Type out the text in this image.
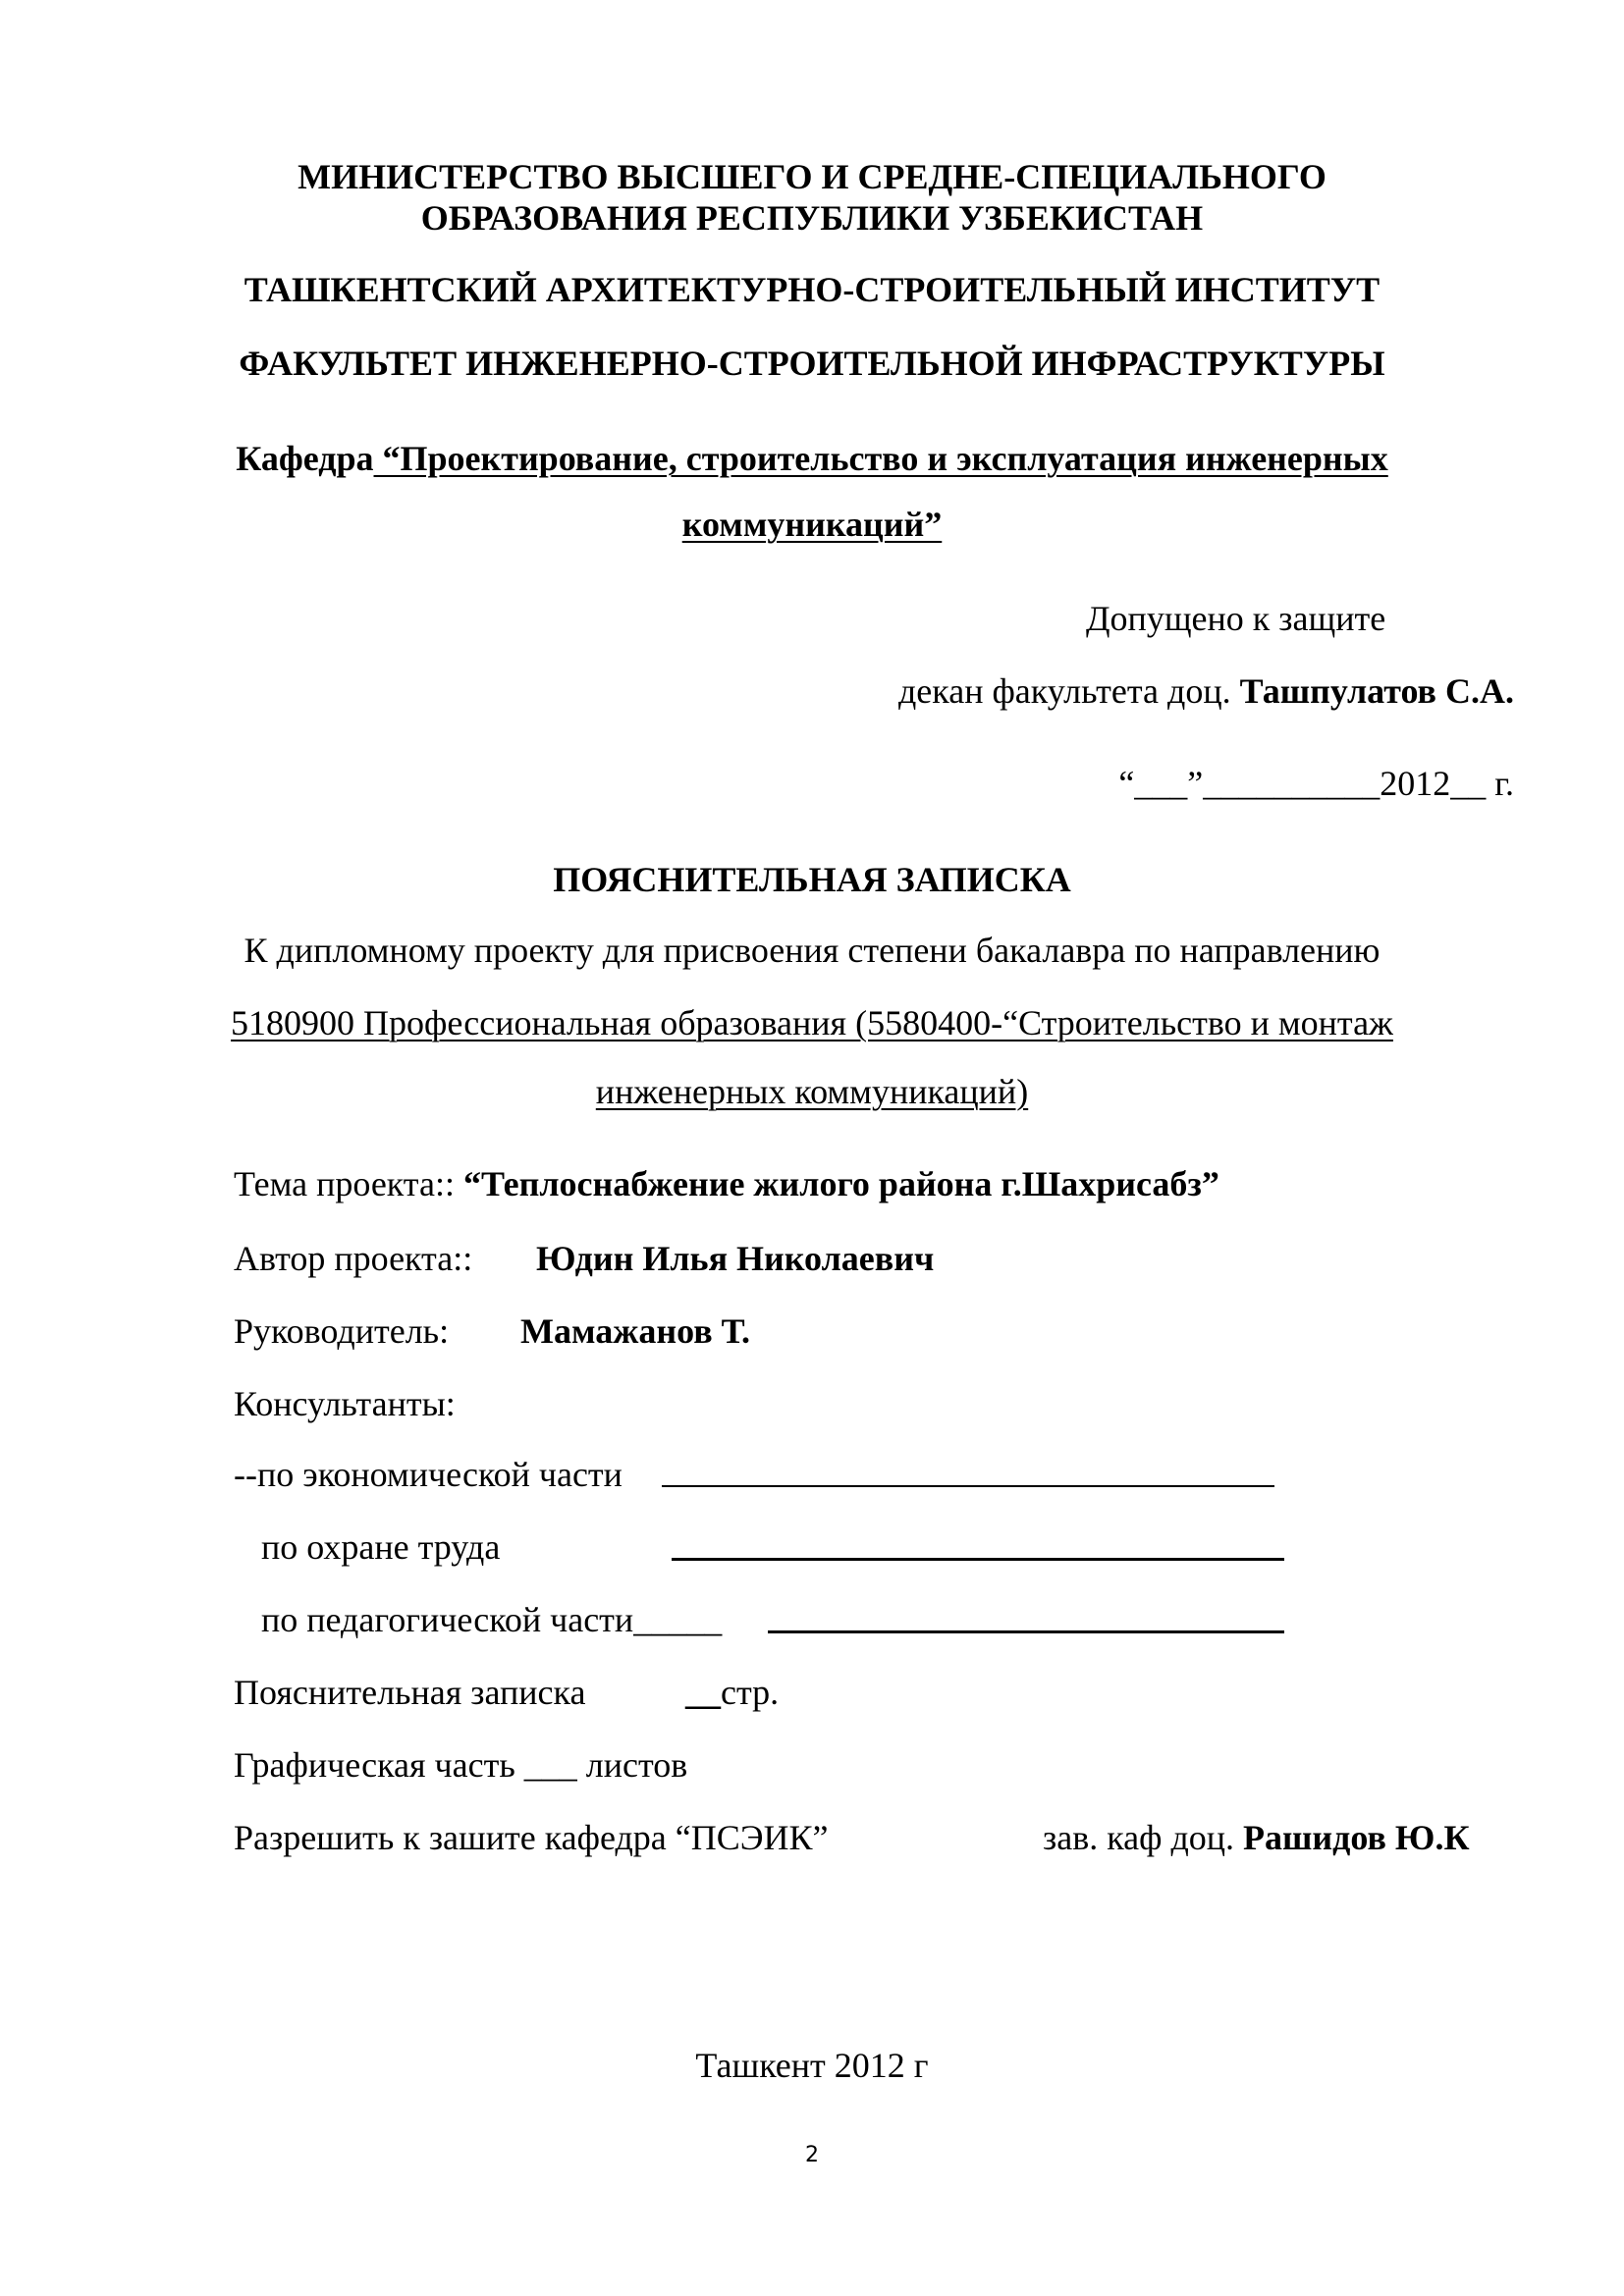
МИНИСТЕРСТВО ВЫСШЕГО И СРЕДНЕ-СПЕЦИАЛЬНОГО
ОБРАЗОВАНИЯ РЕСПУБЛИКИ УЗБЕКИСТАН
ТАШКЕНТСКИЙ АРХИТЕКТУРНО-СТРОИТЕЛЬНЫЙ ИНСТИТУТ
ФАКУЛЬТЕТ ИНЖЕНЕРНО-СТРОИТЕЛЬНОЙ ИНФРАСТРУКТУРЫ
Кафедра “Проектирование, строительство и эксплуатация инженерных
коммуникаций”
Допущено к защите
декан факультета доц. Ташпулатов С.А.
“___”__________2012__ г.
ПОЯСНИТЕЛЬНАЯ ЗАПИСКА
К дипломному проекту для присвоения степени бакалавра по направлению
5180900 Профессиональная образования (5580400-“Строительство и монтаж
инженерных коммуникаций)
Тема проекта:: “Теплоснабжение жилого района г.Шахрисабз”
Автор проекта:: Юдин Илья Николаевич
Руководитель: Мамажанов Т.
Консультанты:
--по экономической части
по охране труда
по педагогической части_____
Пояснительная записка	__стр.
Графическая часть ___ листов
Разрешить к зашите кафедра “ПСЭИК”	зав. каф доц. Рашидов Ю.К
Ташкент 2012 г
2
